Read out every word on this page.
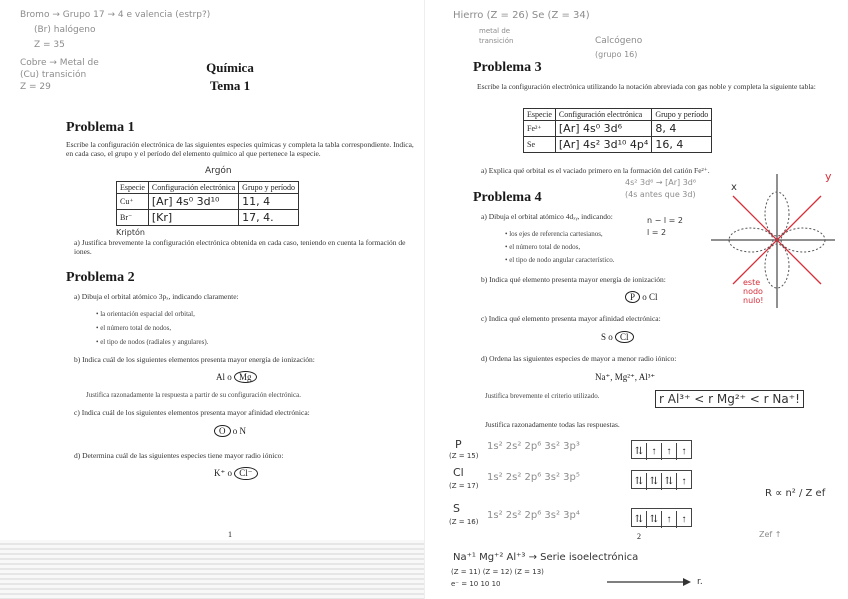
Bromo → Grupo 17 → 4 e valencia (estrp?)
(Br) halógeno
Z = 35
Cobre → Metal de
(Cu) transición
Z = 29
Química
Tema 1
Problema 1
Escribe la configuración electrónica de las siguientes especies químicas y completa la tabla correspondiente. Indica, en cada caso, el grupo y el período del elemento químico al que pertenece la especie.
Argón
Especie	Configuración electrónica	Grupo y período
Cu⁺	[Ar] 4s⁰ 3d¹⁰	11, 4
Br⁻	[Kr]	17, 4.
Kriptón
a) Justifica brevemente la configuración electrónica obtenida en cada caso, teniendo en cuenta la formación de iones.
Problema 2
a) Dibuja el orbital atómico 3pₓ, indicando claramente:
• la orientación espacial del orbital,
• el número total de nodos,
• el tipo de nodos (radiales y angulares).
b) Indica cuál de los siguientes elementos presenta mayor energía de ionización:
Al o Mg
Justifica razonadamente la respuesta a partir de su configuración electrónica.
c) Indica cuál de los siguientes elementos presenta mayor afinidad electrónica:
O o N
d) Determina cuál de las siguientes especies tiene mayor radio iónico:
K⁺ o Cl⁻
1
Hierro (Z = 26) Se (Z = 34)
metal de
transición	Calcógeno
(grupo 16)
Problema 3
Escribe la configuración electrónica utilizando la notación abreviada con gas noble y completa la siguiente tabla:
Especie	Configuración electrónica	Grupo y período
Fe²⁺	[Ar] 4s⁰ 3d⁶	8, 4
Se	[Ar] 4s² 3d¹⁰ 4p⁴	16, 4
a) Explica qué orbital es el vaciado primero en la formación del catión Fe²⁺.
4s² 3d⁶ → [Ar] 3d⁶
(4s antes que 3d)
Problema 4
a) Dibuja el orbital atómico 4dₓᵧ, indicando:
• los ejes de referencia cartesianos,
• el número total de nodos,
• el tipo de nodo angular característico.
n − l = 2
l = 2
y
x
este nodo nulo!
b) Indica qué elemento presenta mayor energía de ionización:
P o Cl
c) Indica qué elemento presenta mayor afinidad electrónica:
S o Cl
d) Ordena las siguientes especies de mayor a menor radio iónico:
Na⁺, Mg²⁺, Al³⁺
Justifica brevemente el criterio utilizado.	r Al³⁺ < r Mg²⁺ < r Na⁺!
Justifica razonadamente todas las respuestas.
P
(Z = 15)
1s² 2s² 2p⁶ 3s² 3p³	⇅ ↑ ↑ ↑
Cl
(Z = 17)
1s² 2s² 2p⁶ 3s² 3p⁵	⇅ ⇅ ⇅ ↑
S
(Z = 16)
1s² 2s² 2p⁶ 3s² 3p⁴	⇅ ⇅ ↑ ↑
2
R ∝ n² / Z ef
Zef ↑
Na⁺¹ Mg⁺² Al⁺³ → Serie isoelectrónica
(Z = 11) (Z = 12) (Z = 13)
e⁻ = 10 10 10	r.
